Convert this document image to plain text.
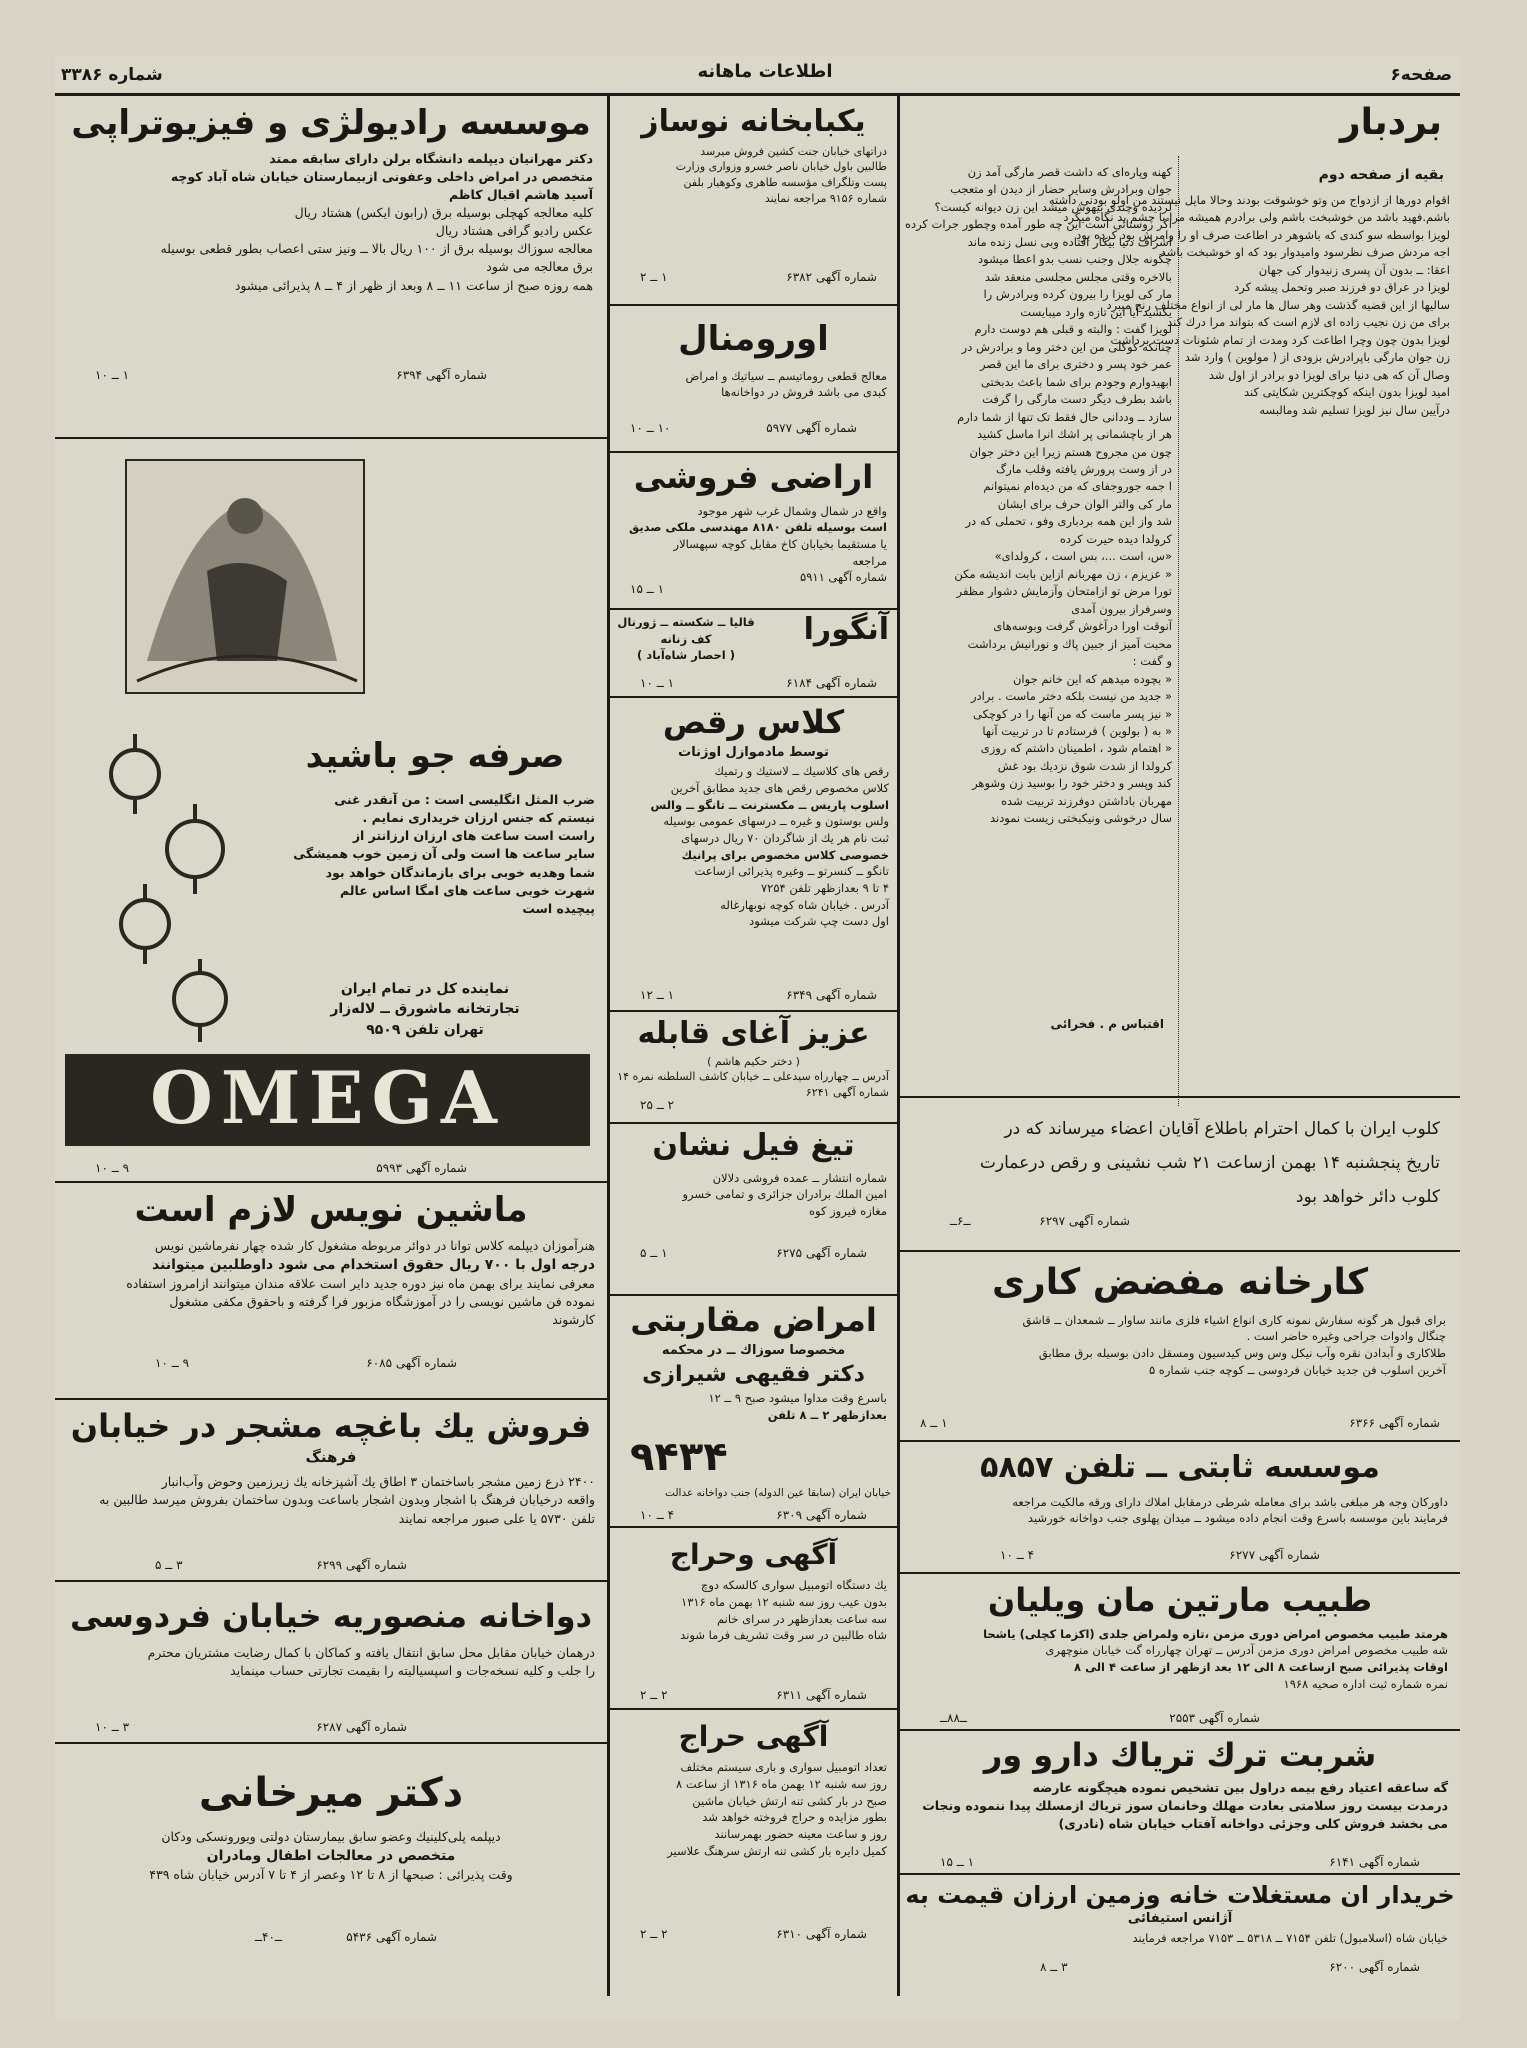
صفحه۶
اطلاعات ماهانه
شماره ۳۳۸۶
موسسه راديولژى و فيزيوتراپى
دكتر مهرانيان ديپلمه دانشگاه برلن داراى سابقه ممتد
متخصص در امراض داخلى وعفونى ازبيمارستان خيابان شاه آباد كوچه
آسيد هاشم اقبال كاظم
كليه معالجه كهچلى بوسيله برق (رابون ايكس) هشتاد ريال
عكس راديو گرافى هشتاد ريال
معالجه سوزاك بوسيله برق از ۱۰۰ ريال بالا ــ ونيز ستى اعصاب بطور قطعى بوسيله
برق معالجه مى شود
همه روزه صبح از ساعت ۱۱ ــ ۸ وبعد از ظهر از ۴ ــ ۸ پذيرائى ميشود
شماره آگهی ۶۳۹۴
۱ ــ ۱۰
صرفه جو باشيد
ضرب المثل انگليسى است : من آنقدر غنى
نيستم كه جنس ارزان خريدارى نمايم .
راست است ساعت هاى ارزان ارزانتر از
ساير ساعت ها است ولى آن زمين خوب هميشگى
شما وهديه خوبى براى بازماندگان خواهد بود
شهرت خوبى ساعت هاى امگا اساس عالم
پيچيده است
نماينده كل در تمام ايران
تجارتخانه ماشورق ــ لالەزار
تهران تلفن ۹۵۰۹
OMEGA
شماره آگهی ۵۹۹۳
۹ ــ ۱۰
ماشين نويس لازم است
هنرآموزان ديپلمه كلاس توانا در دوائر مربوطه مشغول كار شده چهار نفرماشين نويس
درجه اول با ۷۰۰ ريال حقوق استخدام مى شود داوطلبين ميتوانند
معرفى نمايند براى بهمن ماه نيز دوره جديد داير است علاقه مندان ميتوانند ازامروز استفاده
نموده فن ماشين نويسى را در آموزشگاه مزبور فرا گرفته و باحقوق مكفى مشغول
كارشوند
شماره آگهی ۶۰۸۵
۹ ــ ۱۰
فروش يك باغچه مشجر در خيابان
فرهنگ
۲۴۰۰ ذرع زمين مشجر باساختمان ۳ اطاق يك آشپزخانه يك زيرزمين وحوض وآب‌انبار
واقعه درخيابان فرهنگ با اشجار وبدون اشجار باساعت وبدون ساختمان بفروش ميرسد طالبين به
تلفن ۵۷۳۰ يا على صبور مراجعه نمايند
شماره آگهی ۶۲۹۹
۳ ــ ۵
دواخانه منصوريه خيابان فردوسى
درهمان خيابان مقابل محل سابق انتقال يافته و كماكان با كمال رضايت مشتريان محترم
را جلب و كليه نسخه‌جات و اسپسياليته را بقيمت تجارتى حساب مينمايد
شماره آگهی ۶۲۸۷
۳ ــ ۱۰
دكتر ميرخانى
ديپلمه پلى‌كلينيك وعضو سابق بيمارستان دولتى ويورونسكى ودكان
متخصص در معالجات اطفال ومادران
وقت پذيرائى : صبحها از ۸ تا ۱۲ وعصر از ۴ تا ۷ آدرس خيابان شاه ۴۳۹
شماره آگهی ۵۴۳۶
ــ۴۰ــ
يكبابخانه نوساز
دراتهاى خيابان جنت كشين فروش ميرسد
طالبين باول خيابان ناصر خسرو وزوارى وزارت
پست وتلگراف مؤسسه طاهرى وكوهيار بلفن
شماره ۹۱۵۶ مراجعه نمايند
شماره آگهی ۶۳۸۲
۱ ــ ۲
اورومنال
معالج قطعى روماتيسم ــ سياتيك و امراض
كبدى مى باشد فروش در دواخانه‌ها
شماره آگهی ۵۹۷۷
۱۰ ــ ۱۰
اراضى فروشى
واقع در شمال وشمال غرب شهر موجود
است بوسيله تلفن ۸۱۸۰ مهندسى ملكى صديق
يا مستقيما بخيابان كاخ مقابل كوچه سپهسالار
مراجعه
شماره آگهی ۵۹۱۱
۱ ــ ۱۵
آنگورا
قاليا ــ شكسته ــ ژورنال
كف زنانه
( احصار شاه‌آباد )
شماره آگهی ۶۱۸۴
۱ ــ ۱۰
كلاس رقص
توسط مادموازل اوژنات
رقص هاى كلاسيك ــ لاستيك و رتميك
كلاس مخصوص رقص هاى جديد مطابق آخرين
اسلوب پاريس ــ مكسترنت ــ تانگو ــ والس
ولس بوستون و غيره ــ درسهاى عمومى بوسيله
ثبت نام هر يك از شاگردان ۷۰ ريال درسهاى
خصوصى كلاس مخصوص براى پرانيك
تانگو ــ كنسرتو ــ وغيره پذيرائى ازساعت
۴ تا ۹ بعدازظهر تلفن ۷۲۵۴
آدرس . خيابان شاه كوچه نوبهارغاله
اول دست چپ شركت ميشود
شماره آگهی ۶۳۴۹
۱ ــ ۱۲
عزيز آغاى قابله
( دختر حكيم هاشم )
آدرس ــ چهارراه سيدعلى ــ خيابان كاشف السلطنه نمره ۱۴
شماره آگهی ۶۲۴۱
۲ ــ ۲۵
تيغ فيل نشان
شماره انتشار ــ عمده فروشى دلالان
امين الملك برادران جزائرى و تمامى خسرو
مغازه فيروز كوه
شماره آگهی ۶۲۷۵
۱ ــ ۵
امراض مقاربتى
مخصوصا سوزاك ــ در محكمه
دكتر فقيهى شيرازى
باسرع وقت مداوا ميشود صبح ۹ ــ ۱۲
بعدازظهر ۲ ــ ۸ تلفن
۹۴۳۴
خيابان ايران (سابقا عين الدوله) جنب دواخانه عدالت
شماره آگهی ۶۳۰۹
۴ ــ ۱۰
آگهى وحراج
يك دستگاه اتومبيل سوارى كالسكه دوچ
بدون عيب روز سه شنبه ۱۲ بهمن ماه ۱۳۱۶
سه ساعت بعدازظهر در سرای خانم
شاه طالبين در سر وقت تشريف فرما شوند
شماره آگهی ۶۳۱۱
۲ ــ ۲
آگهى حراج
تعداد اتومبيل سوارى و بارى سيستم مختلف
روز سه شنبه ۱۲ بهمن ماه ۱۳۱۶ از ساعت ۸
صبح در بار كشى تنه ارتش خيابان ماشين
بطور مزايده و حراج فروخته خواهد شد
روز و ساعت معينه حضور بهمرسانند
كميل دايره بار كشى تنه ارتش سرهنگ علاسير
شماره آگهی ۶۳۱۰
۲ ــ ۲
بردبار
بقيه از صفحه دوم
اقوام دورها از ازدواج من وتو خوشوقت بودند وحالا مايل نيستند من اولو بودنى داشته
باشم.فهيد باشد من خوشبخت باشم ولى برادرم هميشه مرا با چشم بد نگاه ميكرد
لويزا بواسطه سو كندى كه باشوهر در اطاعت صرف او را وامرش بود كرده بود
اجه مردش صرف نظرسود وامیدوار بود كه او خوشبخت باشد
اعقا: ــ بدون آن پسرى زنيدوار كى جهان
لويزا در عراق دو فرزند صبر وتحمل پيشه كرد
ساليها از اين قضيه گذشت وهر سال ها مار لى از انواع مختلف رنج ميبرد
براى من زن نجيب زاده اى لازم است كه بتواند مرا درك كند
لويزا بدون چون وچرا اطاعت كرد ومدت از تمام شئونات دست برداشت
زن جوان مارگى باپرادرش بزودى از ( مولوين ) وارد شد
وصال آن كه هى دنيا برای لويزا دو برادر از اول شد
اميد لويزا بدون اينكه كوچكترين شكايتى كند
درآیين سال نيز لويزا تسليم شد ومالبسه
كهنه وپاره‌اى كه داشت قصر مارگى آمد زن
جوان وبرادرش وساير حضار از ديدن او متعجب
لرديده وچندی بيهوش ميشد اين زن ديوانه كيست؟
اگر روستائى است اين چه طور آمده وچطور جرات كرده
اشراف دنيا بيكار افتاده وبى نسل زنده ماند
چگونه جلال وجنب نسب بدو اعطا ميشود
بالاخره وقتى مجلس مجلسى منعقد شد
مار كى لويزا را بيرون كرده وبرادرش را
يكشيد آيا اين تازه وارد ميبايست
لويزا گفت : والبته و قبلى هم دوست دارم
چنانكه كوكلى من اين دختر وما و برادرش در
عمر خود پسر و دختری برای ما اين قصر
ابهيدوارم وجودم برای شما باعث بدبختی
باشد بطرف ديگر دست مارگى را گرفت
سازد ــ وددانى حال فقط تک تنها از شما دارم
هر از باچشمانى پر اشك انرا ماسل کشيد
چون من مجروح هستم زيرا اين دختر جوان
در از وست پرورش يافته وقلب مارگ
ا جمه جوروجفای كه من ديده‌ام نمیتوانم
مار كى والتر الوان حرف برای ايشان
شد واز اين همه بردباری وفو ، تحملی كه در
كرولدا ديده حيرت كرده
«س، است ...، بس است ، كرولداى»
« عزيزم ، زن مهربانم ازاين بابت انديشه مكن
تورا مرض تو ازامتحان وآزمايش دشوار مظفر
وسرفراز بيرون آمدی
آنوقت اورا درآغوش گرفت وبوسه‌هاى
محبت آميز از جبين پاك و نورانيش برداشت
و گفت :
« بچوده ميدهم كه اين خانم جوان
« جديد من نيست بلكه دختر ماست . برادر
« نيز پسر ماست كه من آنها را در كوچكى
« به ( بولوين ) فرستادم تا در تربيت آنها
« اهتمام شود ، اطمينان داشتم كه روزى
كرولدا از شدت شوق نزديك بود غش
كند وپسر و دختر خود را بوسيد زن وشوهر
مهربان باداشتن دوفرزند تربيت شده
سال درخوشى ونيكبختى زيست نمودند
اقتباس م . فخرائى
كلوب ايران با كمال احترام باطلاع آقايان اعضاء ميرساند كه در
تاريخ پنجشنبه ۱۴ بهمن ازساعت ۲۱ شب نشينى و رقص درعمارت
كلوب دائر خواهد بود
شماره آگهی ۶۲۹۷
ــ۶ــ
كارخانه مفضض كارى
براى قبول هر گونه سفارش نمونه كارى انواع اشياء فلزى مانند ساوار ــ شمعدان ــ قاشق
چنگال وادوات جراحى وغيره حاضر است .
طلاكارى و آبدادن نقره وآب نيكل وس وس كيدسيون ومسقل دادن بوسيله برق مطابق
آخرين اسلوب فن جديد خيابان فردوسى ــ كوچه جنب شماره ۵
شماره آگهی ۶۳۶۶
۱ ــ ۸
موسسه ثابتى ــ تلفن ۵۸۵۷
داوركان وجه هر مبلغى باشد براى معامله شرطى درمقابل املاك داراى ورقه مالكيت مراجعه
فرمايند باين موسسه باسرع وقت انجام داده ميشود ــ ميدان پهلوى جنب دواخانه خورشيد
شماره آگهی ۶۲۷۷
۴ ــ ۱۰
طبيب مارتين مان ويليان
هرمتد طبيب مخصوص امراض دورى مزمن ،تازه ولمراض جلدى (اكزما كچلى) ياشحا
شه طبيب مخصوص امراض دورى مزمن آدرس ــ تهران چهارراه گت خيابان منوچهرى
اوقات پذيرائى صبح ازساعت ۸ الى ۱۲ بعد ازظهر از ساعت ۴ الى ۸
نمره شماره ثبت اداره صحيه ۱۹۶۸
شماره آگهی ۲۵۵۳
ــ۸۸ــ
شربت ترك ترياك دارو ور
گه ساعقه اعتياد رفع بيمه دراول بين تشخيص نموده هيچگونه عارضه
درمدت بيست روز سلامتى بعادت مهلك وخانمان سوز ترياك ازمسلك پيدا ننموده ونجات
مى بخشد فروش كلى وجزئى دواخانه آفتاب خيابان شاه (نادرى)
شماره آگهی ۶۱۴۱
۱ ــ ۱۵
خريدار ان مستغلات خانه وزمين ارزان قيمت به
آژانس استيفائى
خيابان شاه (اسلامبول) تلفن ۷۱۵۴ ــ ۵۳۱۸ ــ ۷۱۵۳ مراجعه فرمايند
شماره آگهی ۶۲۰۰
۳ ــ ۸
